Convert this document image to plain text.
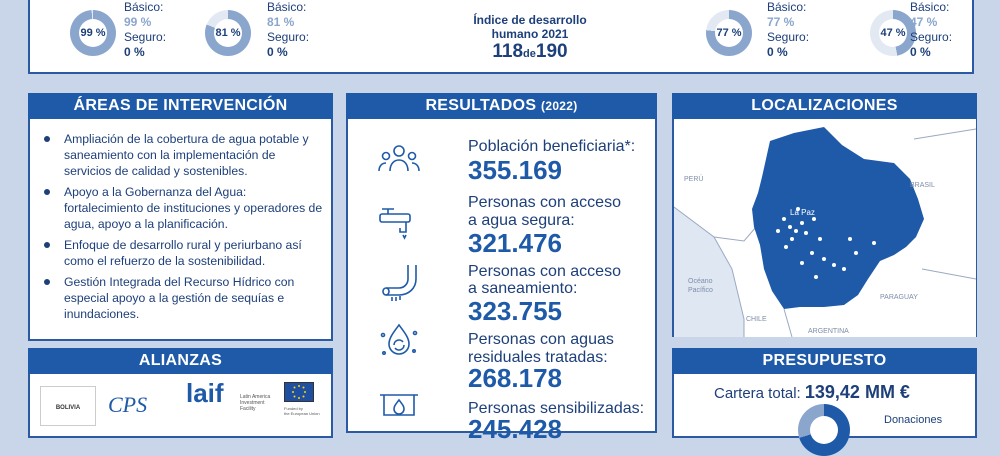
99 %
Básico:
99 %
Seguro:
0 %
81 %
Básico:
81 %
Seguro:
0 %
Índice de desarrollo
humano 2021
118de190
77 %
Básico:
77 %
Seguro:
0 %
47 %
Básico:
47 %
Seguro:
0 %
ÁREAS DE INTERVENCIÓN
Ampliación de la cobertura de agua potable y saneamiento con la implementación de servicios de calidad y sostenibles.
Apoyo a la Gobernanza del Agua: fortalecimiento de instituciones y operadores de agua, apoyo a la planificación.
Enfoque de desarrollo rural y periurbano así como el refuerzo de la sostenibilidad.
Gestión Integrada del Recurso Hídrico con especial apoyo a la gestión de sequías e inundaciones.
RESULTADOS (2022)
Población beneficiaria*:
355.169
Personas con acceso
a agua segura:
321.476
Personas con acceso
a saneamiento:
323.755
Personas con aguas
residuales tratadas:
268.178
Personas sensibilizadas:
245.428
LOCALIZACIONES
PERÚ
BRASIL
La Paz
Océano
Pacífico
CHILE
PARAGUAY
ARGENTINA
ALIANZAS
BOLIVIA	CPS laif	Latin America
Investment
Facility	Funded by
the European Union
PRESUPUESTO
Cartera total: 139,42 MM €
Donaciones
